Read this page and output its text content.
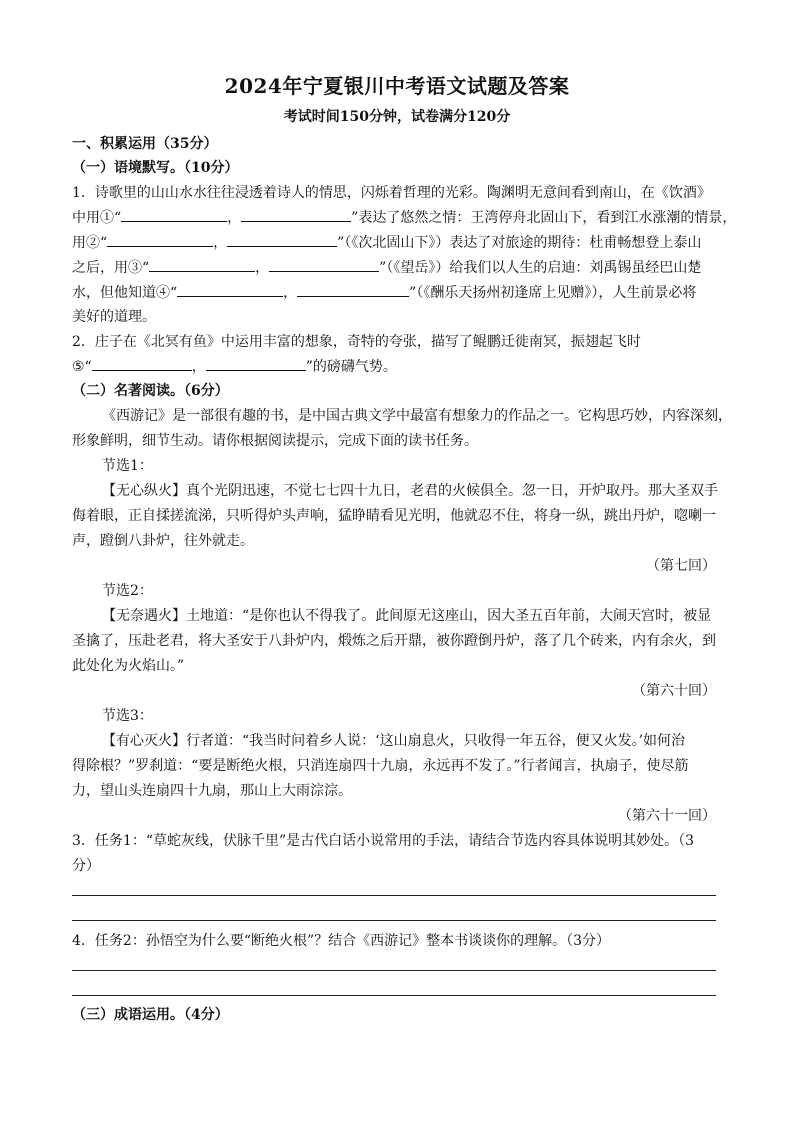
2024年宁夏银川中考语文试题及答案
考试时间150分钟，试卷满分120分
一、积累运用（35分）
（一）语境默写。（10分）
1．诗歌里的山山水水往往浸透着诗人的情思，闪烁着哲理的光彩。陶渊明无意间看到南山，在《饮酒》
中用①“	，	”表达了悠然之情：王湾停舟北固山下，看到江水涨潮的情景，
用②“	，	”（《次北固山下》）表达了对旅途的期待：杜甫畅想登上泰山
之后，用③“	，	”（《望岳》）给我们以人生的启迪：刘禹锡虽经巴山楚
水，但他知道④“	，	”（《酬乐天扬州初逢席上见赠》），人生前景必将
美好的道理。
2．庄子在《北冥有鱼》中运用丰富的想象，奇特的夸张，描写了鲲鹏迁徙南冥，振翅起飞时
⑤“	，	”的磅礴气势。
（二）名著阅读。（6分）
《西游记》是一部很有趣的书，是中国古典文学中最富有想象力的作品之一。它构思巧妙，内容深刻，
形象鲜明，细节生动。请你根据阅读提示，完成下面的读书任务。
节选1：
【无心纵火】真个光阴迅速，不觉七七四十九日，老君的火候俱全。忽一日，开炉取丹。那大圣双手
侮着眼，正自揉搓流涕，只听得炉头声响，猛睁睛看见光明，他就忍不住，将身一纵，跳出丹炉，唿喇一
声，蹬倒八卦炉，往外就走。
（第七回）
节选2：
【无奈遇火】土地道：“是你也认不得我了。此间原无这座山，因大圣五百年前，大闹天宫时，被显
圣擒了，压赴老君，将大圣安于八卦炉内，煅炼之后开鼎，被你蹬倒丹炉，落了几个砖来，内有余火，到
此处化为火焰山。”
（第六十回）
节选3：
【有心灭火】行者道：“我当时问着乡人说：‘这山扇息火，只收得一年五谷，便又火发。’如何治
得除根？”罗刹道：“要是断绝火根，只消连扇四十九扇，永远再不发了。”行者闻言，执扇子，使尽筋
力，望山头连扇四十九扇，那山上大雨淙淙。
（第六十一回）
3．任务1：“草蛇灰线，伏脉千里”是古代白话小说常用的手法，请结合节选内容具体说明其妙处。（3
分）
4．任务2：孙悟空为什么要“断绝火根”？结合《西游记》整本书谈谈你的理解。（3分）
（三）成语运用。（4分）
